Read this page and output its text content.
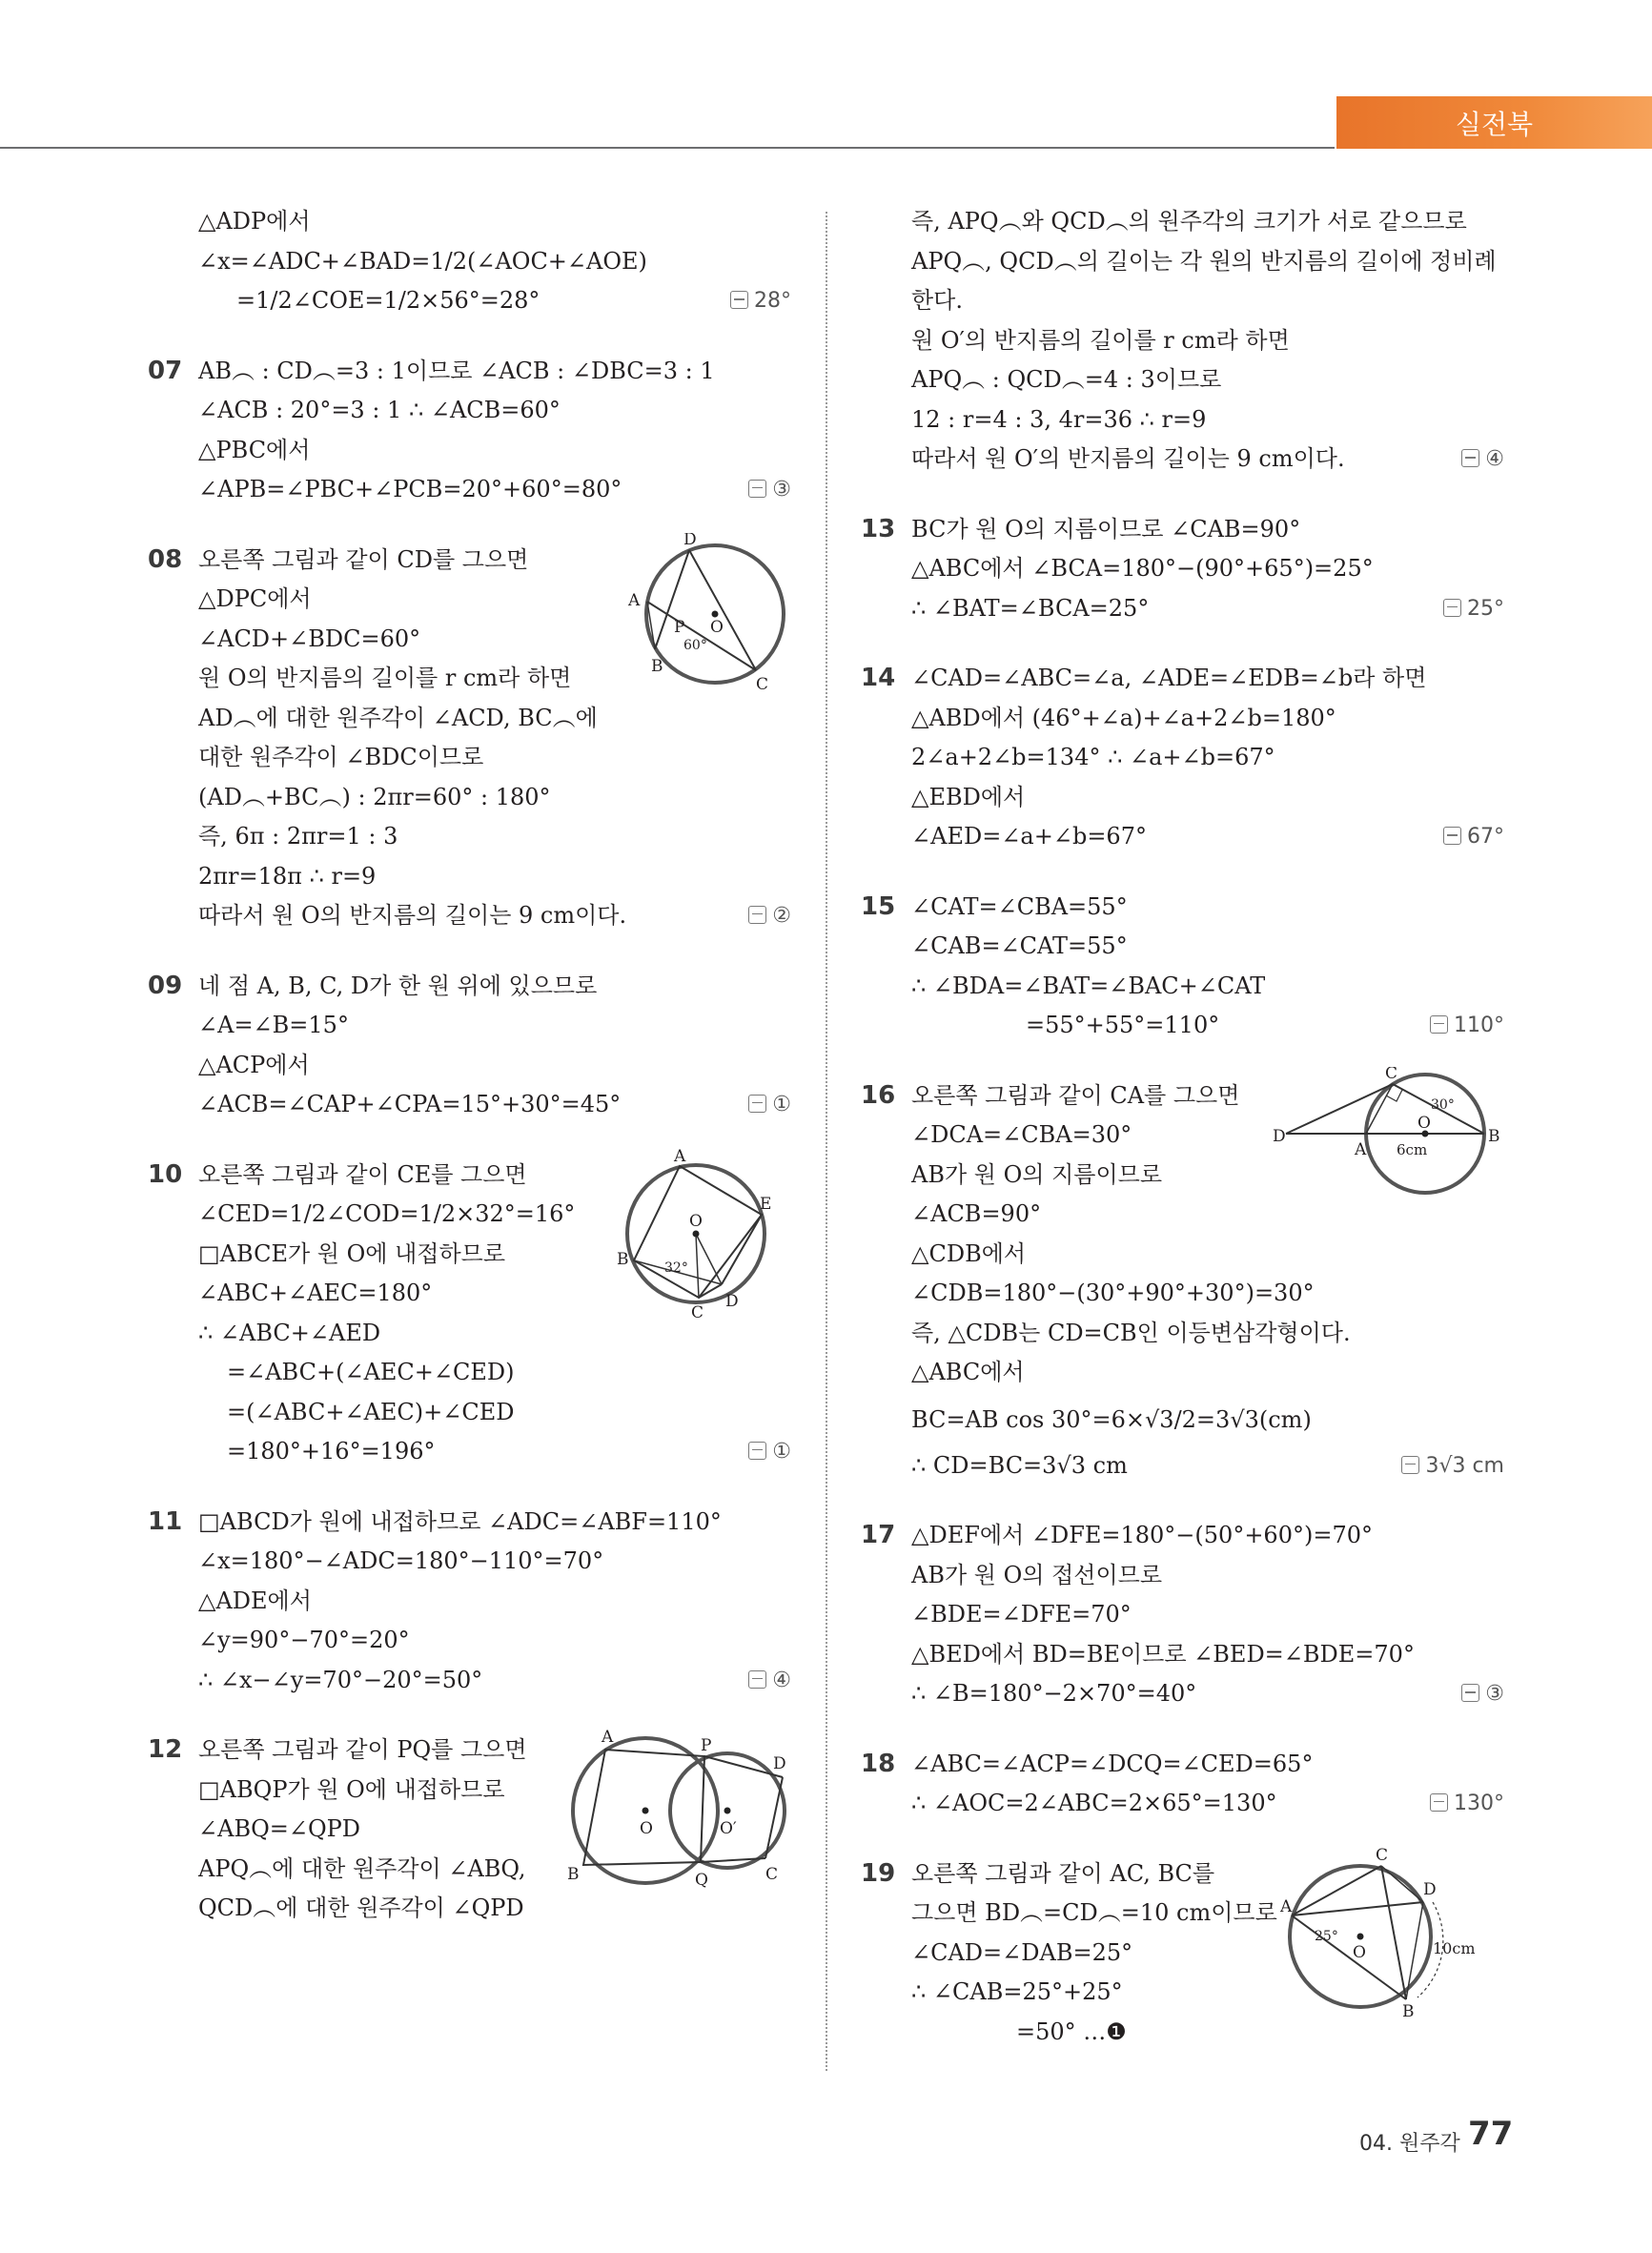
실전북
△ADP에서
∠x=∠ADC+∠BAD=1/2(∠AOC+∠AOE)
=1/2∠COE=1/2×56°=28°	28°
07 AB︵ : CD︵=3 : 1이므로 ∠ACB : ∠DBC=3 : 1
∠ACB : 20°=3 : 1 ∴ ∠ACB=60°
△PBC에서
∠APB=∠PBC+∠PCB=20°+60°=80°	③
08 오른쪽 그림과 같이 CD를 그으면
△DPC에서
∠ACD+∠BDC=60°
원 O의 반지름의 길이를 r cm라 하면
AD︵에 대한 원주각이 ∠ACD, BC︵에
대한 원주각이 ∠BDC이므로
(AD︵+BC︵) : 2πr=60° : 180°
즉, 6π : 2πr=1 : 3
2πr=18π ∴ r=9
따라서 원 O의 반지름의 길이는 9 cm이다.	②
D
A
P O
60°
B
C
09 네 점 A, B, C, D가 한 원 위에 있으므로
∠A=∠B=15°
△ACP에서
∠ACB=∠CAP+∠CPA=15°+30°=45°	①
10 오른쪽 그림과 같이 CE를 그으면
∠CED=1/2∠COD=1/2×32°=16°
□ABCE가 원 O에 내접하므로
∠ABC+∠AEC=180°
∴ ∠ABC+∠AED
=∠ABC+(∠AEC+∠CED)
=(∠ABC+∠AEC)+∠CED
=180°+16°=196°	①
A
E
O
B	32°
C
D
11 □ABCD가 원에 내접하므로 ∠ADC=∠ABF=110°
∠x=180°−∠ADC=180°−110°=70°
△ADE에서
∠y=90°−70°=20°
∴ ∠x−∠y=70°−20°=50°	④
12 오른쪽 그림과 같이 PQ를 그으면
□ABQP가 원 O에 내접하므로
∠ABQ=∠QPD
APQ︵에 대한 원주각이 ∠ABQ,
QCD︵에 대한 원주각이 ∠QPD
A	P
D
O	O′
B	Q	C
즉, APQ︵와 QCD︵의 원주각의 크기가 서로 같으므로
APQ︵, QCD︵의 길이는 각 원의 반지름의 길이에 정비례
한다.
원 O′의 반지름의 길이를 r cm라 하면
APQ︵ : QCD︵=4 : 3이므로
12 : r=4 : 3, 4r=36 ∴ r=9
따라서 원 O′의 반지름의 길이는 9 cm이다.	④
13 BC가 원 O의 지름이므로 ∠CAB=90°
△ABC에서 ∠BCA=180°−(90°+65°)=25°
∴ ∠BAT=∠BCA=25°	25°
14 ∠CAD=∠ABC=∠a, ∠ADE=∠EDB=∠b라 하면
△ABD에서 (46°+∠a)+∠a+2∠b=180°
2∠a+2∠b=134° ∴ ∠a+∠b=67°
△EBD에서
∠AED=∠a+∠b=67°	67°
15 ∠CAT=∠CBA=55°
∠CAB=∠CAT=55°
∴ ∠BDA=∠BAT=∠BAC+∠CAT
=55°+55°=110°	110°
16 오른쪽 그림과 같이 CA를 그으면
∠DCA=∠CBA=30°
AB가 원 O의 지름이므로
∠ACB=90°
△CDB에서
∠CDB=180°−(30°+90°+30°)=30°
즉, △CDB는 CD=CB인 이등변삼각형이다.
△ABC에서
BC=AB cos 30°=6×√3/2=3√3(cm)
∴ CD=BC=3√3 cm	3√3 cm
C
30°
D
O
B
A 6cm
17 △DEF에서 ∠DFE=180°−(50°+60°)=70°
AB가 원 O의 접선이므로
∠BDE=∠DFE=70°
△BED에서 BD=BE이므로 ∠BED=∠BDE=70°
∴ ∠B=180°−2×70°=40°	③
18 ∠ABC=∠ACP=∠DCQ=∠CED=65°
∴ ∠AOC=2∠ABC=2×65°=130°	130°
19 오른쪽 그림과 같이 AC, BC를
그으면 BD︵=CD︵=10 cm이므로
∠CAD=∠DAB=25°
∴ ∠CAB=25°+25°
=50° …❶
C
A
D
25°
O	10cm
B
04. 원주각 77
